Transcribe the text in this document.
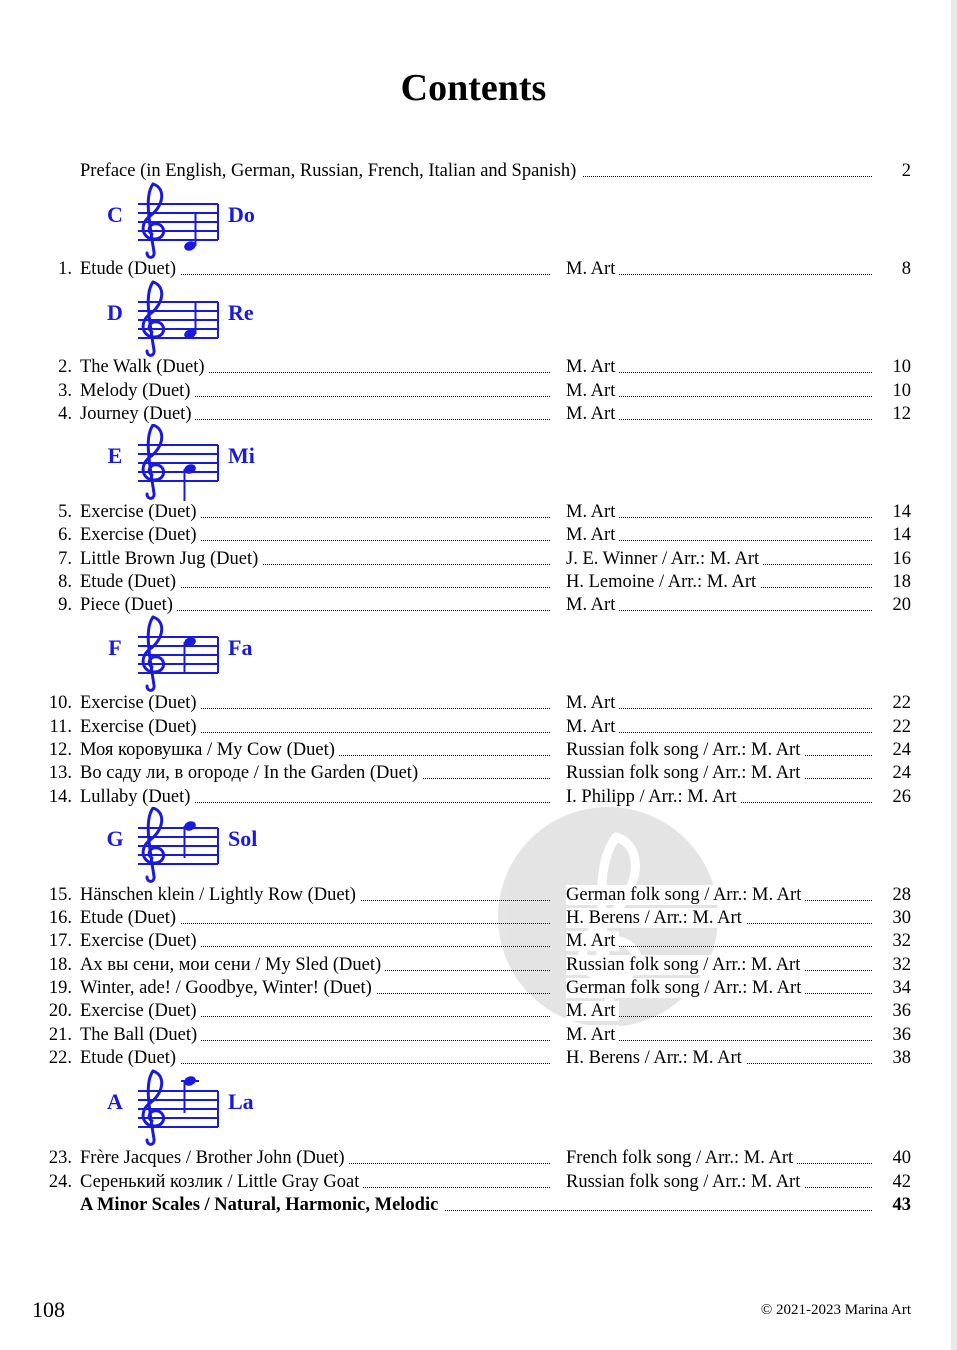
Contents
Preface (in English, German, Russian, French, Italian and Spanish)	2
C	Do
1. Etude (Duet)	M. Art	8
D	Re
2. The Walk (Duet)	M. Art	10
3. Melody (Duet)	M. Art	10
4. Journey (Duet)	M. Art	12
E	Mi
5. Exercise (Duet)	M. Art	14
6. Exercise (Duet)	M. Art	14
7. Little Brown Jug (Duet)	J. E. Winner / Arr.: M. Art	16
8. Etude (Duet)	H. Lemoine / Arr.: M. Art	18
9. Piece (Duet)	M. Art	20
F	Fa
10. Exercise (Duet)	M. Art	22
11. Exercise (Duet)	M. Art	22
12. Моя коровушка / My Cow (Duet)	Russian folk song / Arr.: M. Art	24
13. Во саду ли, в огороде / In the Garden (Duet)	Russian folk song / Arr.: M. Art	24
14. Lullaby (Duet)	I. Philipp / Arr.: M. Art	26
G	Sol
15. Hänschen klein / Lightly Row (Duet)	German folk song / Arr.: M. Art	28
16. Etude (Duet)	H. Berens / Arr.: M. Art	30
17. Exercise (Duet)	M. Art	32
18. Ах вы сени, мои сени / My Sled (Duet)	Russian folk song / Arr.: M. Art	32
19. Winter, ade! / Goodbye, Winter! (Duet)	German folk song / Arr.: M. Art	34
20. Exercise (Duet)	M. Art	36
21. The Ball (Duet)	M. Art	36
22. Etude (Duet)	H. Berens / Arr.: M. Art	38
A	La
23. Frère Jacques / Brother John (Duet)	French folk song / Arr.: M. Art	40
24. Серенький козлик / Little Gray Goat	Russian folk song / Arr.: M. Art	42
A Minor Scales / Natural, Harmonic, Melodic	43
108	© 2021-2023 Marina Art
